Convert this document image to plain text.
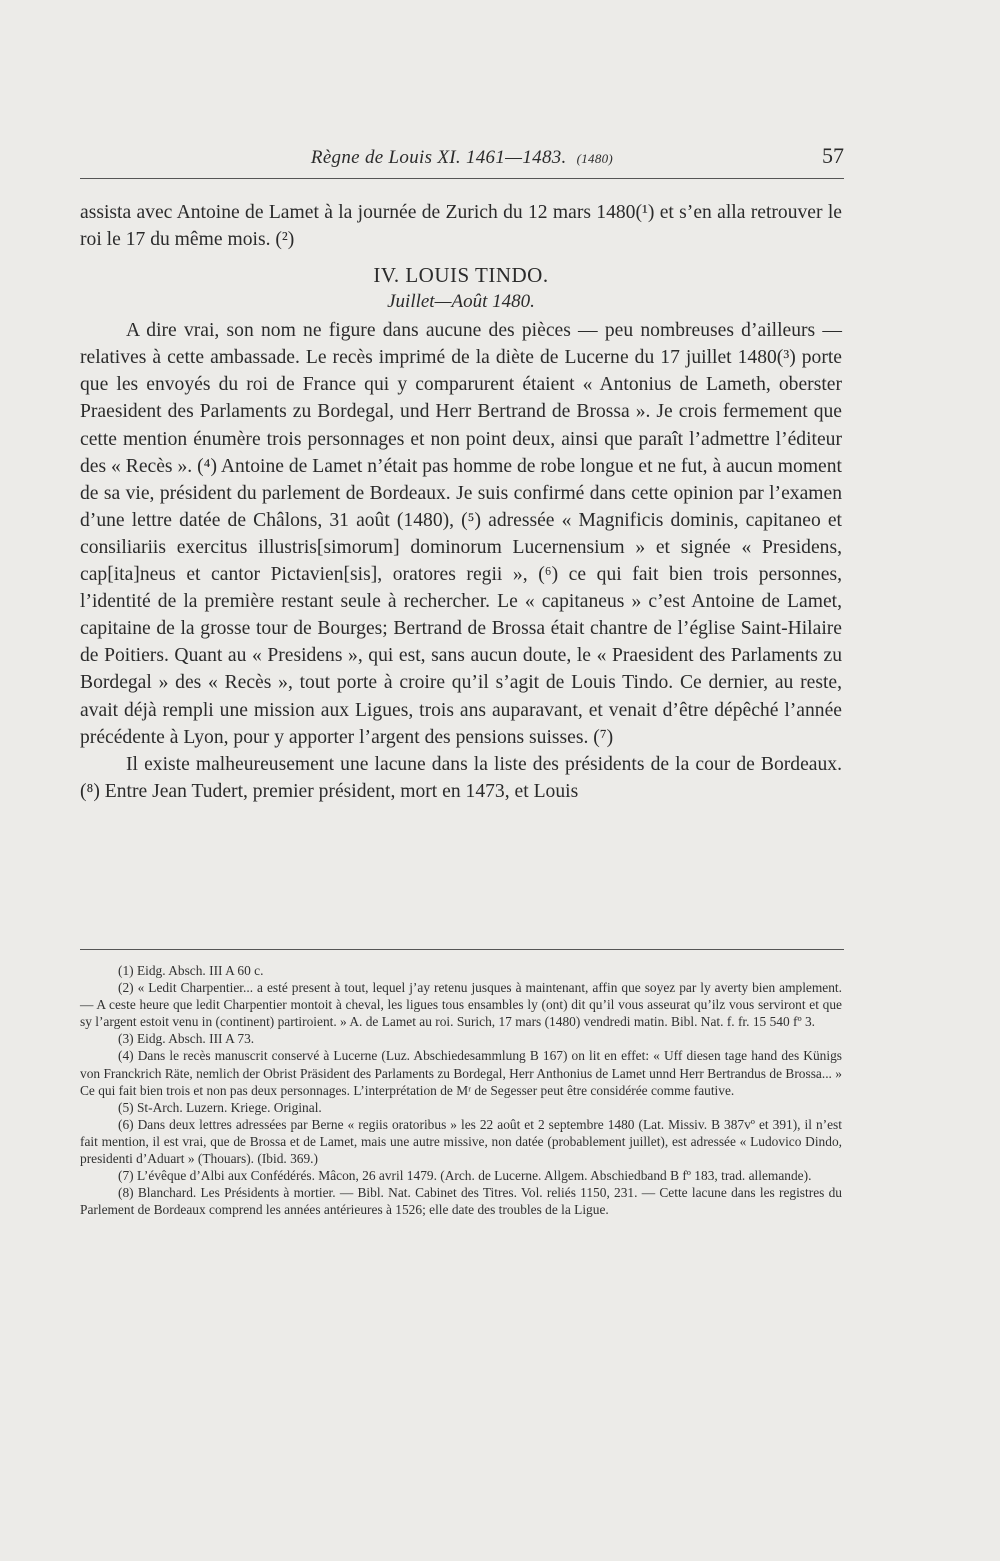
Règne de Louis XI. 1461—1483. (1480)	57

assista avec Antoine de Lamet à la journée de Zurich du 12 mars 1480(¹) et s’en alla retrouver le roi le 17 du même mois. (²)

IV. LOUIS TINDO.
Juillet—Août 1480.

A dire vrai, son nom ne figure dans aucune des pièces — peu nombreuses d’ailleurs — relatives à cette ambassade. Le recès imprimé de la diète de Lucerne du 17 juillet 1480(³) porte que les envoyés du roi de France qui y comparurent étaient « Antonius de Lameth, oberster Praesident des Parlaments zu Bordegal, und Herr Bertrand de Brossa ». Je crois fermement que cette mention énumère trois personnages et non point deux, ainsi que paraît l’admettre l’éditeur des « Recès ». (⁴) Antoine de Lamet n’était pas homme de robe longue et ne fut, à aucun moment de sa vie, président du parlement de Bordeaux. Je suis confirmé dans cette opinion par l’examen d’une lettre datée de Châlons, 31 août (1480), (⁵) adressée « Magnificis dominis, capitaneo et consiliariis exercitus illustris[simorum] dominorum Lucernensium » et signée « Presidens, cap[ita]neus et cantor Pictavien[sis], oratores regii », (⁶) ce qui fait bien trois personnes, l’identité de la première restant seule à rechercher. Le « capitaneus » c’est Antoine de Lamet, capitaine de la grosse tour de Bourges; Bertrand de Brossa était chantre de l’église Saint-Hilaire de Poitiers. Quant au « Presidens », qui est, sans aucun doute, le « Praesident des Parlaments zu Bordegal » des « Recès », tout porte à croire qu’il s’agit de Louis Tindo. Ce dernier, au reste, avait déjà rempli une mission aux Ligues, trois ans auparavant, et venait d’être dépêché l’année précédente à Lyon, pour y apporter l’argent des pensions suisses. (⁷)

Il existe malheureusement une lacune dans la liste des présidents de la cour de Bordeaux. (⁸) Entre Jean Tudert, premier président, mort en 1473, et Louis

(1) Eidg. Absch. III A 60 c.

(2) « Ledit Charpentier... a esté present à tout, lequel j’ay retenu jusques à maintenant, affin que soyez par ly averty bien amplement. — A ceste heure que ledit Charpentier montoit à cheval, les ligues tous ensambles ly (ont) dit qu’il vous asseurat qu’ilz vous serviront et que sy l’argent estoit venu in (continent) partiroient. » A. de Lamet au roi. Surich, 17 mars (1480) vendredi matin. Bibl. Nat. f. fr. 15 540 fº 3.

(3) Eidg. Absch. III A 73.

(4) Dans le recès manuscrit conservé à Lucerne (Luz. Abschiedesammlung B 167) on lit en effet: « Uff diesen tage hand des Künigs von Franckrich Räte, nemlich der Obrist Präsident des Parlaments zu Bordegal, Herr Anthonius de Lamet unnd Herr Bertrandus de Brossa... » Ce qui fait bien trois et non pas deux personnages. L’interprétation de Mʳ de Segesser peut être considérée comme fautive.

(5) St-Arch. Luzern. Kriege. Original.

(6) Dans deux lettres adressées par Berne « regiis oratoribus » les 22 août et 2 septembre 1480 (Lat. Missiv. B 387vº et 391), il n’est fait mention, il est vrai, que de Brossa et de Lamet, mais une autre missive, non datée (probablement juillet), est adressée « Ludovico Dindo, presidenti d’Aduart » (Thouars). (Ibid. 369.)

(7) L’évêque d’Albi aux Confédérés. Mâcon, 26 avril 1479. (Arch. de Lucerne. Allgem. Abschiedband B fº 183, trad. allemande).

(8) Blanchard. Les Présidents à mortier. — Bibl. Nat. Cabinet des Titres. Vol. reliés 1150, 231. — Cette lacune dans les registres du Parlement de Bordeaux comprend les années antérieures à 1526; elle date des troubles de la Ligue.
